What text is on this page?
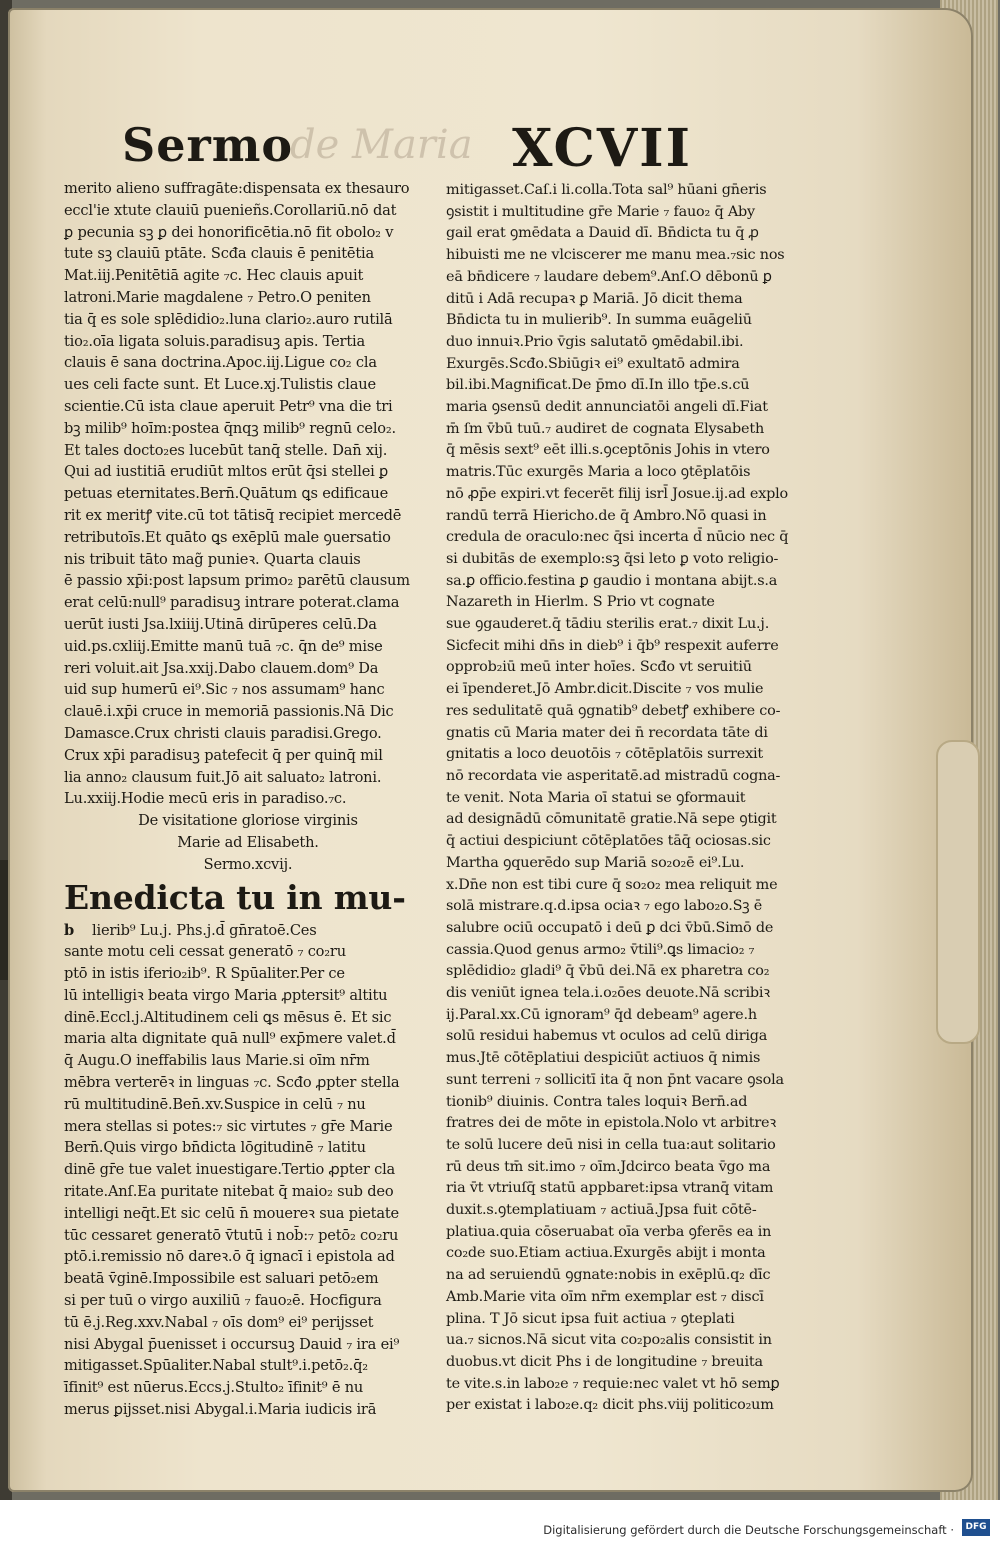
Sermo
de Maria XCVII
merito alieno suffragāte:dispensata ex thesauro
eccl'ie xtute clauiū puenieñs.Corollariū.nō dat
ꝑ pecunia sꝫ ꝑ dei honorificētia.nō fit obolo₂ v
tute sꝫ clauiū ptāte. Scđa clauis ē penitētia
Mat.iij.Penitētiā agite ₇c. Hec clauis apuit
latroni.Marie magdalene ₇ Petro.O peniten
tia q̄ es sole splēdidio₂.luna clario₂.auro rutilā
tio₂.oīa ligata soluis.paradisuꝫ apis. Tertia
clauis ē sana doctrina.Apoc.iij.Ligue co₂ cla
ues celi facte sunt. Et Luce.xj.Tulistis claue
scientie.Cū ista claue aperuit Petr⁹ vna die tri
bꝫ milib⁹ hoīm:postea q̄nqꝫ milib⁹ regnū celo₂.
Et tales docto₂es lucebūt tanq̄ stelle. Dan̄ xij.
Qui ad iustitiā erudiūt mltos erūt q̄si stellei ꝑ
petuas eternitates.Bern̄.Quātum ꝗs edificaue
rit ex meritꝭ vite.cū tot tātisq̄ recipiet mercedē
retributoīs.Et quāto ꝗs exēplū male ꝯuersatio
nis tribuit tāto mag̃ punieꝛ. Quarta clauis
ē passio xp̄i:post lapsum primo₂ parētū clausum
erat celū:null⁹ paradisuꝫ intrare poterat.clama
uerūt iusti Jsa.lxiiij.Utinā dirūperes celū.Da
uid.ps.cxliij.Emitte manū tuā ₇c. q̄n de⁹ mise
reri voluit.ait Jsa.xxij.Dabo clauem.dom⁹ Da
uid sup humerū ei⁹.Sic ₇ nos assumam⁹ hanc
clauē.i.xp̄i cruce in memoriā passionis.Nā Dic
Damasce.Crux christi clauis paradisi.Grego.
Crux xp̄i paradisuꝫ patefecit q̄ per quinq̄ mil
lia anno₂ clausum fuit.Jō ait saluato₂ latroni.
Lu.xxiij.Hodie mecū eris in paradiso.₇c.
De visitatione gloriose virginis
Marie ad Elisabeth.
Sermo.xcvij.
Enedicta tu in mu-
b lierib⁹ Lu.j. Phs.j.d̄ gn̄ratoē.Ces
sante motu celi cessat generatō ₇ co₂ru
ptō in istis iferio₂ib⁹. R Spūaliter.Per ce
lū intelligiꝛ beata virgo Maria ꝓptersit⁹ altitu
dinē.Eccl.j.Altitudinem celi ꝗs mēsus ē. Et sic
maria alta dignitate quā null⁹ exp̄mere valet.d̄
q̄ Augu.O ineffabilis laus Marie.si oīm nr̄m
mēbra verterēꝛ in linguas ₇c. Scđo ꝓpter stella
rū multitudinē.Ben̄.xv.Suspice in celū ₇ nu
mera stellas si potes:₇ sic virtutes ₇ gr̄e Marie
Bern̄.Quis virgo bn̄dicta lōgitudinē ₇ latitu
dinē gr̄e tue valet inuestigare.Tertio ꝓpter cla
ritate.Anſ.Ea puritate nitebat q̄ maio₂ sub deo
intelligi neq̄t.Et sic celū n̄ mouereꝛ sua pietate
tūc cessaret generatō v̄tutū i nob̄:₇ petō₂ co₂ru
ptō.i.remissio nō dareꝛ.ō q̄ ignacī i epistola ad
beatā v̄ginē.Impossibile est saluari petō₂em
si per tuū o virgo auxiliū ₇ fauo₂ē. Hocfigura
tū ē.j.Reg.xxv.Nabal ₇ oīs dom⁹ ei⁹ perijsset
nisi Abygal p̄uenisset i occursuꝫ Dauid ₇ ira ei⁹
mitigasset.Spūaliter.Nabal stult⁹.i.petō₂.q̄₂
īfinit⁹ est nūerus.Eccs.j.Stulto₂ īfinit⁹ ē nu
merus ꝑijsset.nisi Abygal.i.Maria iudicis irā
mitigasset.Caſ.i li.colla.Tota sal⁹ hūani gn̄eris
ꝯsistit i multitudine gr̄e Marie ₇ fauo₂ q̄ Aby
gail erat ꝯmēdata a Dauid dī. Bn̄dicta tu q̄ ꝓ
hibuisti me ne vlciscerer me manu mea.₇sic nos
eā bn̄dicere ₇ laudare debem⁹.Anſ.O dēbonū ꝑ
ditū i Adā recupaꝛ ꝑ Mariā. Jō dicit thema
Bn̄dicta tu in mulierib⁹. In summa euāgeliū
duo innuiꝛ.Prio v̄gis salutatō ꝯmēdabil.ibi.
Exurgēs.Scđo.Sbiūgiꝛ ei⁹ exultatō admira
bil.ibi.Magnificat.De p̄mo dī.In illo tp̄e.s.cū
maria ꝯsensū dedit annunciatōi angeli dī.Fiat
m̄ ſm v̄bū tuū.₇ audiret de cognata Elysabeth
q̄ mēsis sext⁹ eēt illi.s.ꝯceptōnis Johis in vtero
matris.Tūc exurgēs Maria a loco ꝯtēplatōis
nō ꝓp̄e expiri.vt fecerēt filij isrl̄ Josue.ij.ad explo
randū terrā Hiericho.de q̄ Ambro.Nō quasi in
credula de oraculo:nec q̄si incerta d̄ nūcio nec q̄
si dubitās de exemplo:sꝫ q̄si leto ꝑ voto religio-
sa.ꝑ officio.festina ꝑ gaudio i montana abijt.s.a
Nazareth in Hierlm. S Prio vt cognate
sue ꝯgauderet.q̄ tādiu sterilis erat.₇ dixit Lu.j.
Sicfecit mihi dn̄s in dieb⁹ i q̄b⁹ respexit auferre
opprob₂iū meū inter hoīes. Scđo vt seruitiū
ei īpenderet.Jō Ambr.dicit.Discite ₇ vos mulie
res sedulitatē quā ꝯgnatib⁹ debetꝭ exhibere co-
gnatis cū Maria mater dei n̄ recordata tāte di
gnitatis a loco deuotōis ₇ cōtēplatōis surrexit
nō recordata vie asperitatē.ad mistradū cogna-
te venit. Nota Maria oī statui se ꝯformauit
ad designādū cōmunitatē gratie.Nā sepe ꝯtigit
q̄ actiui despiciunt cōtēplatōes tāq̄ ociosas.sic
Martha ꝯquerēdo sup Mariā so₂o₂ē ei⁹.Lu.
x.Dn̄e non est tibi cure q̄ so₂o₂ mea reliquit me
solā mistrare.q.d.ipsa ociaꝛ ₇ ego labo₂o.Sꝫ ē
salubre ociū occupatō i deū ꝑ dci v̄bū.Simō de
cassia.Quod genus armo₂ v̄tili⁹.ꝗs limacio₂ ₇
splēdidio₂ gladi⁹ q̄ v̄bū dei.Nā ex pharetra co₂
dis veniūt ignea tela.i.o₂ōes deuote.Nā scribiꝛ
ij.Paral.xx.Cū ignoram⁹ q̄d debeam⁹ agere.h
solū residui habemus vt oculos ad celū diriga
mus.Jtē cōtēplatiui despiciūt actiuos q̄ nimis
sunt terreni ₇ sollicitī ita q̄ non p̄nt vacare ꝯsola
tionib⁹ diuinis. Contra tales loquiꝛ Bern̄.ad
fratres dei de mōte in epistola.Nolo vt arbitreꝛ
te solū lucere deū nisi in cella tua:aut solitario
rū deus tm̄ sit.imo ₇ oīm.Jdcirco beata v̄go ma
ria v̄t vtriuſq̄ statū appbaret:ipsa vtranq̄ vitam
duxit.s.ꝯtemplatiuam ₇ actiuā.Jpsa fuit cōtē-
platiua.quia cōseruabat oīa verba ꝯferēs ea in
co₂de suo.Etiam actiua.Exurgēs abijt i monta
na ad seruiendū ꝯgnate:nobis in exēplū.q₂ dīc
Amb.Marie vita oīm nr̄m exemplar est ₇ discī
plina. T Jō sicut ipsa fuit actiua ₇ ꝯteplati
ua.₇ sicnos.Nā sicut vita co₂po₂alis consistit in
duobus.vt dicit Phs i de longitudine ₇ breuita
te vite.s.in labo₂e ₇ requie:nec valet vt hō semꝑ
per existat i labo₂e.q₂ dicit phs.viij politico₂um
Digitalisierung gefördert durch die Deutsche Forschungsgemeinschaft ·	DFG
